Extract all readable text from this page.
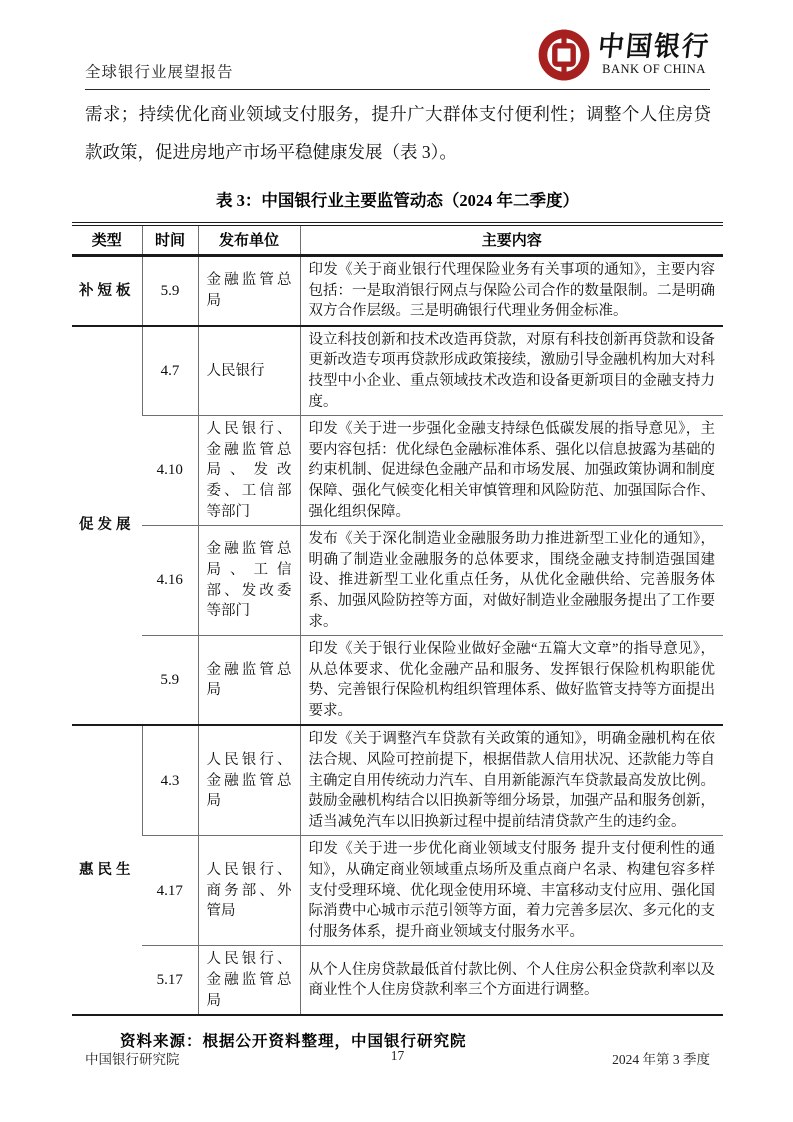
全球银行业展望报告
中国银行
BANK OF CHINA
需求；持续优化商业领域支付服务，提升广大群体支付便利性；调整个人住房贷款政策，促进房地产市场平稳健康发展（表 3）。
表 3：中国银行业主要监管动态（2024 年二季度）
类型	时间	发布单位	主要内容
补短板	5.9	金融监管总局	印发《关于商业银行代理保险业务有关事项的通知》，主要内容包括：一是取消银行网点与保险公司合作的数量限制。二是明确双方合作层级。三是明确银行代理业务佣金标准。
促发展	4.7	人民银行	设立科技创新和技术改造再贷款，对原有科技创新再贷款和设备更新改造专项再贷款形成政策接续，激励引导金融机构加大对科技型中小企业、重点领域技术改造和设备更新项目的金融支持力度。
	4.10	人民银行、金融监管总局、发改委、工信部等部门	印发《关于进一步强化金融支持绿色低碳发展的指导意见》，主要内容包括：优化绿色金融标准体系、强化以信息披露为基础的约束机制、促进绿色金融产品和市场发展、加强政策协调和制度保障、强化气候变化相关审慎管理和风险防范、加强国际合作、强化组织保障。
	4.16	金融监管总局、工信部、发改委等部门	发布《关于深化制造业金融服务助力推进新型工业化的通知》，明确了制造业金融服务的总体要求，围绕金融支持制造强国建设、推进新型工业化重点任务，从优化金融供给、完善服务体系、加强风险防控等方面，对做好制造业金融服务提出了工作要求。
	5.9	金融监管总局	印发《关于银行业保险业做好金融“五篇大文章”的指导意见》，从总体要求、优化金融产品和服务、发挥银行保险机构职能优势、完善银行保险机构组织管理体系、做好监管支持等方面提出要求。
惠民生	4.3	人民银行、金融监管总局	印发《关于调整汽车贷款有关政策的通知》，明确金融机构在依法合规、风险可控前提下，根据借款人信用状况、还款能力等自主确定自用传统动力汽车、自用新能源汽车贷款最高发放比例。鼓励金融机构结合以旧换新等细分场景，加强产品和服务创新，适当减免汽车以旧换新过程中提前结清贷款产生的违约金。
	4.17	人民银行、商务部、外管局	印发《关于进一步优化商业领域支付服务 提升支付便利性的通知》，从确定商业领域重点场所及重点商户名录、构建包容多样支付受理环境、优化现金使用环境、丰富移动支付应用、强化国际消费中心城市示范引领等方面，着力完善多层次、多元化的支付服务体系，提升商业领域支付服务水平。
	5.17	人民银行、金融监管总局	从个人住房贷款最低首付款比例、个人住房公积金贷款利率以及商业性个人住房贷款利率三个方面进行调整。
资料来源：根据公开资料整理，中国银行研究院
中国银行研究院	17	2024 年第 3 季度
